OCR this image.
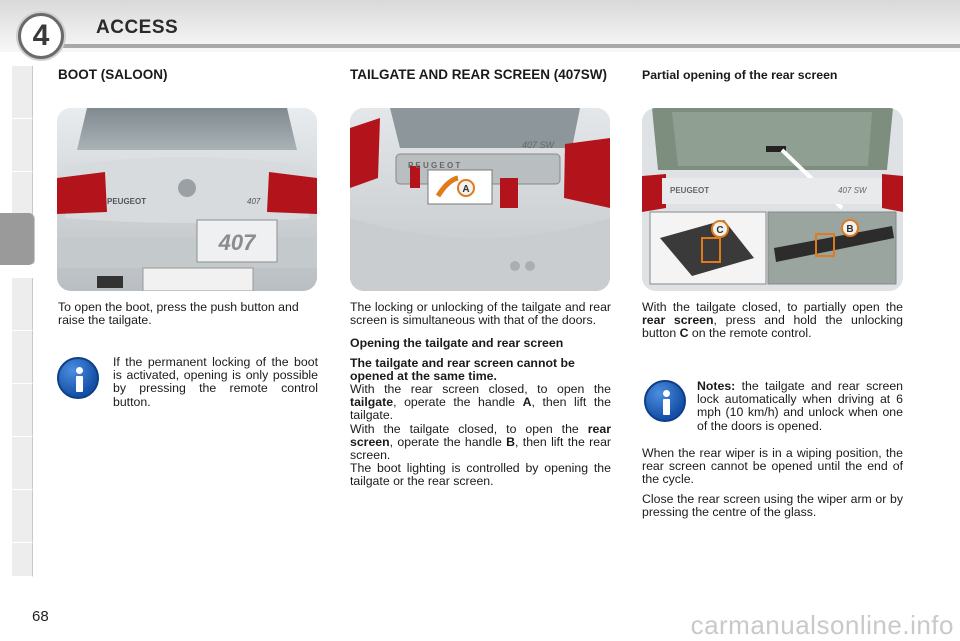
4	ACCESS
BOOT (SALOON)
PEUGEOT	407
407
To open the boot, press the push button and raise the tailgate.

If the permanent locking of the boot is activated, opening is only possible by pressing the remote control button.

TAILGATE AND REAR SCREEN (407SW)
P E U G E O T
407 SW
A

The locking or unlocking of the tailgate and rear screen is simultaneous with that of the doors.

Opening the tailgate and rear screen

The tailgate and rear screen cannot be opened at the same time.

With the rear screen closed, to open the tailgate, operate the handle A, then lift the tailgate.

With the tailgate closed, to open the rear screen, operate the handle B, then lift the rear screen.

The boot lighting is controlled by opening the tailgate or the rear screen.

Partial opening of the rear screen
PEUGEOT	407 SW
C	B

With the tailgate closed, to partially open the rear screen, press and hold the unlocking button C on the remote control.

Notes: the tailgate and rear screen lock automatically when driving at 6 mph (10 km/h) and unlock when one of the doors is opened.

When the rear wiper is in a wiping position, the rear screen cannot be opened until the end of the cycle.

Close the rear screen using the wiper arm or by pressing the centre of the glass.

68	carmanualsonline.info
